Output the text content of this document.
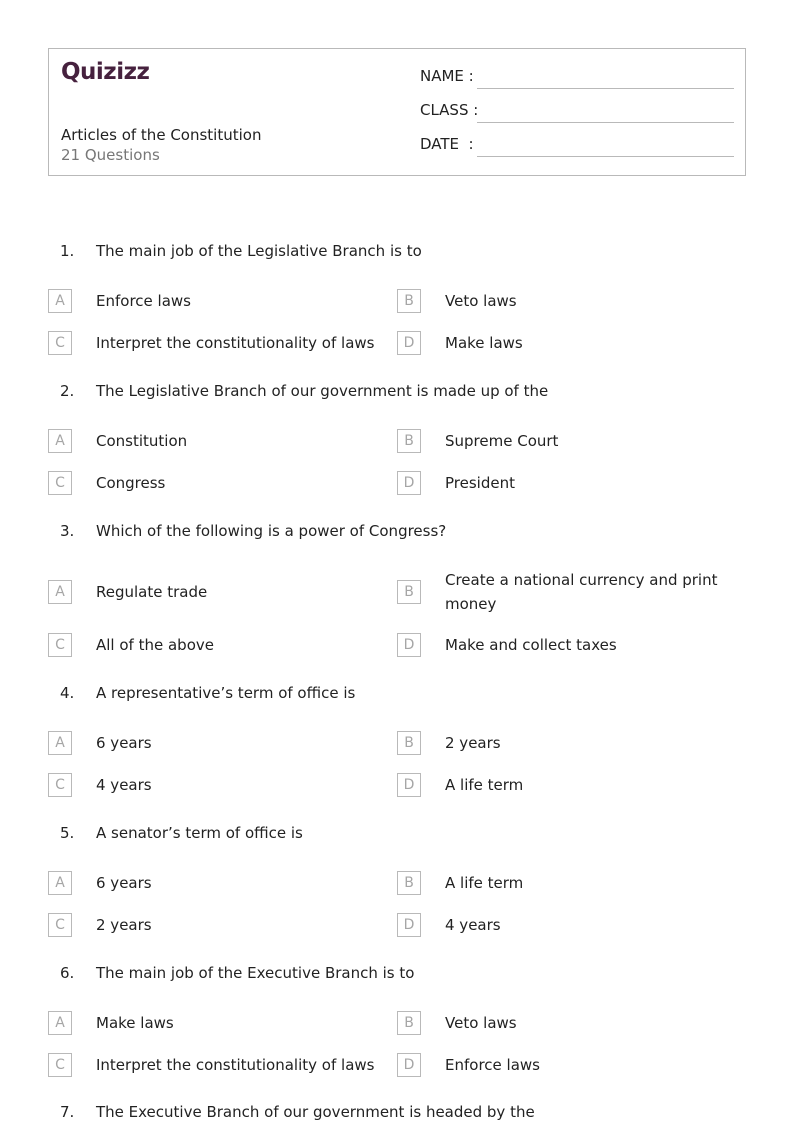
Quizizz
Articles of the Constitution
21 Questions
NAME :
CLASS :
DATE  :
1. The main job of the Legislative Branch is to
A	Enforce laws	B	Veto laws
C	Interpret the constitutionality of laws	D	Make laws
2. The Legislative Branch of our government is made up of the
A	Constitution	B	Supreme Court
C	Congress	D	President
3. Which of the following is a power of Congress?
A	Regulate trade	B
Create a national currency and print money
C	All of the above	D	Make and collect taxes
4. A representative’s term of office is
A	6 years	B	2 years
C	4 years	D	A life term
5. A senator’s term of office is
A	6 years	B	A life term
C	2 years	D	4 years
6. The main job of the Executive Branch is to
A	Make laws	B	Veto laws
C	Interpret the constitutionality of laws	D	Enforce laws
7. The Executive Branch of our government is headed by the
